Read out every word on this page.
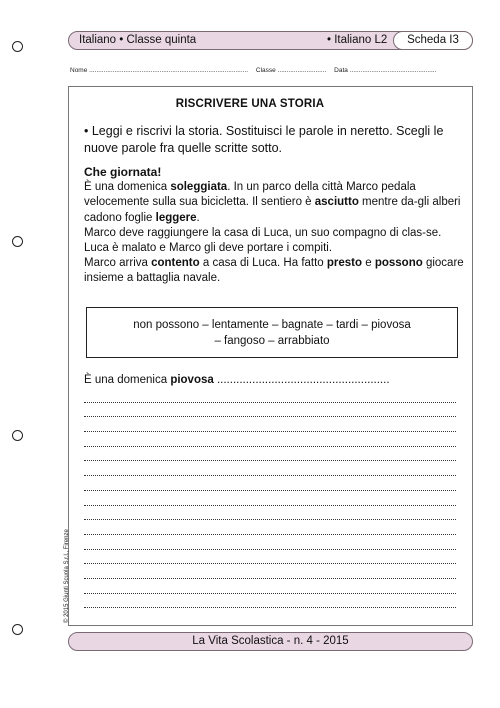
Italiano • Classe quinta	• Italiano L2	Scheda I3
Nome ........................................................................................ Classe ........................... Data ................................................
RISCRIVERE UNA STORIA
• Leggi e riscrivi la storia. Sostituisci le parole in neretto. Scegli le nuove parole fra quelle scritte sotto.
Che giornata!
È una domenica soleggiata. In un parco della città Marco pedala velocemente sulla sua bicicletta. Il sentiero è asciutto mentre da-gli alberi cadono foglie leggere.
Marco deve raggiungere la casa di Luca, un suo compagno di clas-se. Luca è malato e Marco gli deve portare i compiti.
Marco arriva contento a casa di Luca. Ha fatto presto e possono giocare insieme a battaglia navale.
non possono – lentamente – bagnate – tardi – piovosa
– fangoso – arrabbiato
È una domenica piovosa ......................................................
© 2015 Giunti Scuola S.r.l., Firenze
La Vita Scolastica - n. 4 - 2015
